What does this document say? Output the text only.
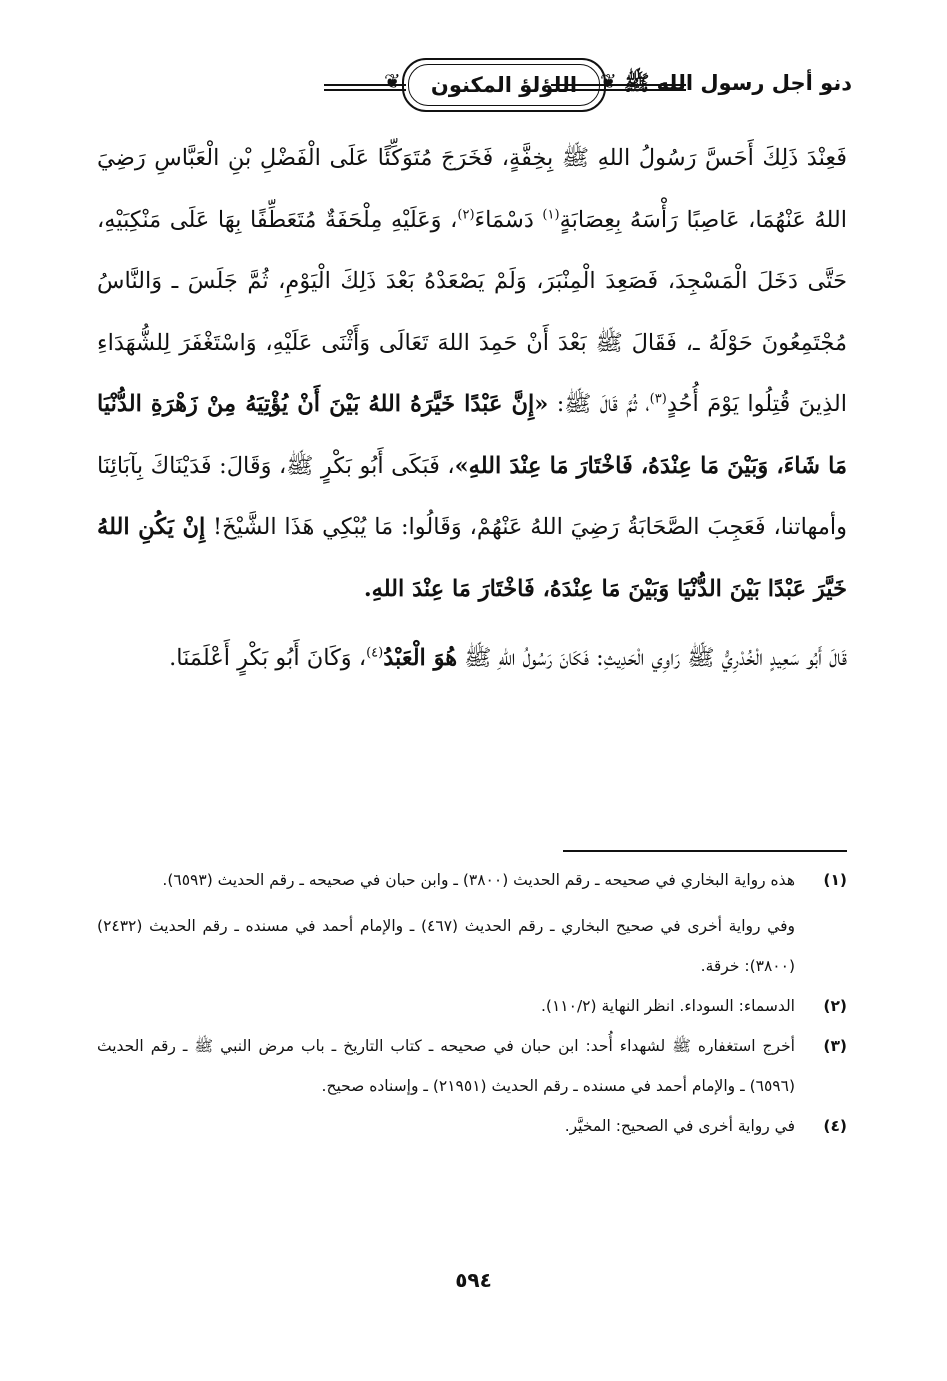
دنو أجل رسول الله ﷺ
❦
اللؤلؤ المكنون
❦

فَعِنْدَ ذَلِكَ أَحَسَّ رَسُولُ اللهِ ﷺ بِخِفَّةٍ، فَخَرَجَ مُتَوَكِّئًا عَلَى الْفَضْلِ بْنِ الْعَبَّاسِ رَضِيَ اللهُ عَنْهُمَا، عَاصِبًا رَأْسَهُ بِعِصَابَةٍ$^{(١)}$ دَسْمَاءَ$^{(٢)}$، وَعَلَيْهِ مِلْحَفَةٌ مُتَعَطِّفًا بِهَا عَلَى مَنْكِبَيْهِ، حَتَّى دَخَلَ الْمَسْجِدَ، فَصَعِدَ الْمِنْبَرَ، وَلَمْ يَصْعَدْهُ بَعْدَ ذَلِكَ الْيَوْمِ، ثُمَّ جَلَسَ ـ وَالنَّاسُ مُجْتَمِعُونَ حَوْلَهُ ـ، فَقَالَ ﷺ بَعْدَ أَنْ حَمِدَ اللهَ تَعَالَى وَأَثْنَى عَلَيْهِ، وَاسْتَغْفَرَ لِلشُّهَدَاءِ الذِينَ قُتِلُوا يَوْمَ أُحُدٍ$^{(٣)}$، ثُمَّ قَالَ ﷺ: «إِنَّ عَبْدًا خَيَّرَهُ اللهُ بَيْنَ أَنْ يُؤْتِيَهُ مِنْ زَهْرَةِ الدُّنْيَا مَا شَاءَ، وَبَيْنَ مَا عِنْدَهُ، فَاخْتَارَ مَا عِنْدَ اللهِ»، فَبَكَى أَبُو بَكْرٍ ﷺ، وَقَالَ: فَدَيْنَاكَ بِآبَائِنَا وأمهاتنا، فَعَجِبَ الصَّحَابَةُ رَضِيَ اللهُ عَنْهُمْ، وَقَالُوا: مَا يُبْكِي هَذَا الشَّيْخَ! إِنْ يَكُنِ اللهُ خَيَّرَ عَبْدًا بَيْنَ الدُّنْيَا وَبَيْنَ مَا عِنْدَهُ، فَاخْتَارَ مَا عِنْدَ اللهِ.

قَالَ أَبُو سَعِيدٍ الْخُدْرِيُّ ﷺ رَاوِي الْحَدِيثِ: فَكَانَ رَسُولُ اللهِ ﷺ هُوَ الْعَبْدُ$^{(٤)}$، وَكَانَ أَبُو بَكْرٍ أَعْلَمَنَا.

(١)

هذه رواية البخاري في صحيحه ـ رقم الحديث (٣٨٠٠) ـ وابن حبان في صحيحه ـ رقم الحديث (٦٥٩٣).

وفي رواية أخرى في صحيح البخاري ـ رقم الحديث (٤٦٧) ـ والإمام أحمد في مسنده ـ رقم الحديث (٢٤٣٢) (٣٨٠٠): خرقة.

(٢)

الدسماء: السوداء. انظر النهاية (١١٠/٢).

(٣)

أخرج استغفاره ﷺ لشهداء أُحد: ابن حبان في صحيحه ـ كتاب التاريخ ـ باب مرض النبي ﷺ ـ رقم الحديث (٦٥٩٦) ـ والإمام أحمد في مسنده ـ رقم الحديث (٢١٩٥١) ـ وإسناده صحيح.

(٤)

في رواية أخرى في الصحيح: المخيَّر.

٥٩٤
